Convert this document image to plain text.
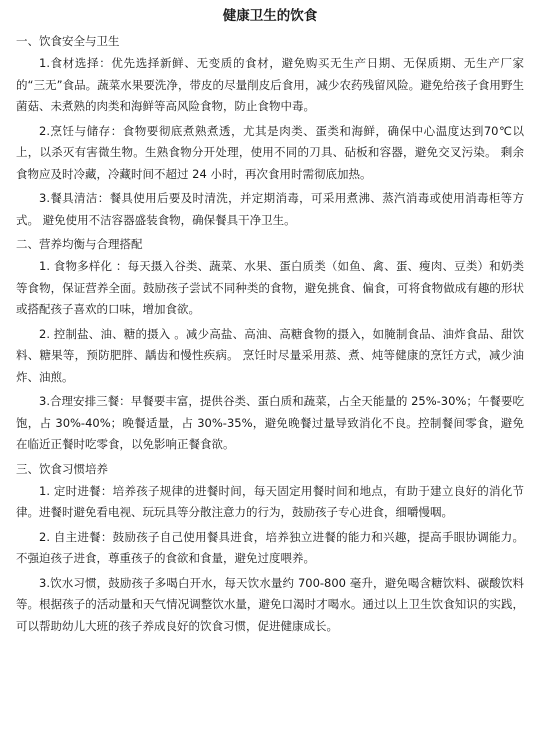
健康卫生的饮食
一、饮食安全与卫生
1.食材选择：优先选择新鲜、无变质的食材，避免购买无生产日期、无保质期、无生产厂家的“三无”食品。蔬菜水果要洗净，带皮的尽量削皮后食用，减少农药残留风险。避免给孩子食用野生菌菇、未煮熟的肉类和海鲜等高风险食物，防止食物中毒。
2.烹饪与储存：食物要彻底煮熟煮透，尤其是肉类、蛋类和海鲜，确保中心温度达到70℃以上，以杀灭有害微生物。生熟食物分开处理，使用不同的刀具、砧板和容器，避免交叉污染。 剩余食物应及时冷藏，冷藏时间不超过 24 小时，再次食用时需彻底加热。
3.餐具清洁：餐具使用后要及时清洗，并定期消毒，可采用煮沸、蒸汽消毒或使用消毒柜等方式。 避免使用不洁容器盛装食物，确保餐具干净卫生。
二、营养均衡与合理搭配
1. 食物多样化 ：每天摄入谷类、蔬菜、水果、蛋白质类（如鱼、禽、蛋、瘦肉、豆类）和奶类等食物，保证营养全面。鼓励孩子尝试不同种类的食物，避免挑食、偏食，可将食物做成有趣的形状或搭配孩子喜欢的口味，增加食欲。
2. 控制盐、油、糖的摄入 。减少高盐、高油、高糖食物的摄入，如腌制食品、油炸食品、甜饮料、糖果等，预防肥胖、龋齿和慢性疾病。 烹饪时尽量采用蒸、煮、炖等健康的烹饪方式，减少油炸、油煎。
3.合理安排三餐：早餐要丰富，提供谷类、蛋白质和蔬菜，占全天能量的 25%-30%；午餐要吃饱，占 30%-40%；晚餐适量，占 30%-35%，避免晚餐过量导致消化不良。控制餐间零食，避免在临近正餐时吃零食，以免影响正餐食欲。
三、饮食习惯培养
1. 定时进餐：培养孩子规律的进餐时间，每天固定用餐时间和地点，有助于建立良好的消化节律。进餐时避免看电视、玩玩具等分散注意力的行为，鼓励孩子专心进食，细嚼慢咽。
2. 自主进餐：鼓励孩子自己使用餐具进食，培养独立进餐的能力和兴趣，提高手眼协调能力。不强迫孩子进食，尊重孩子的食欲和食量，避免过度喂养。
3.饮水习惯，鼓励孩子多喝白开水，每天饮水量约 700-800 毫升，避免喝含糖饮料、碳酸饮料等。根据孩子的活动量和天气情况调整饮水量，避免口渴时才喝水。通过以上卫生饮食知识的实践，可以帮助幼儿大班的孩子养成良好的饮食习惯，促进健康成长。
